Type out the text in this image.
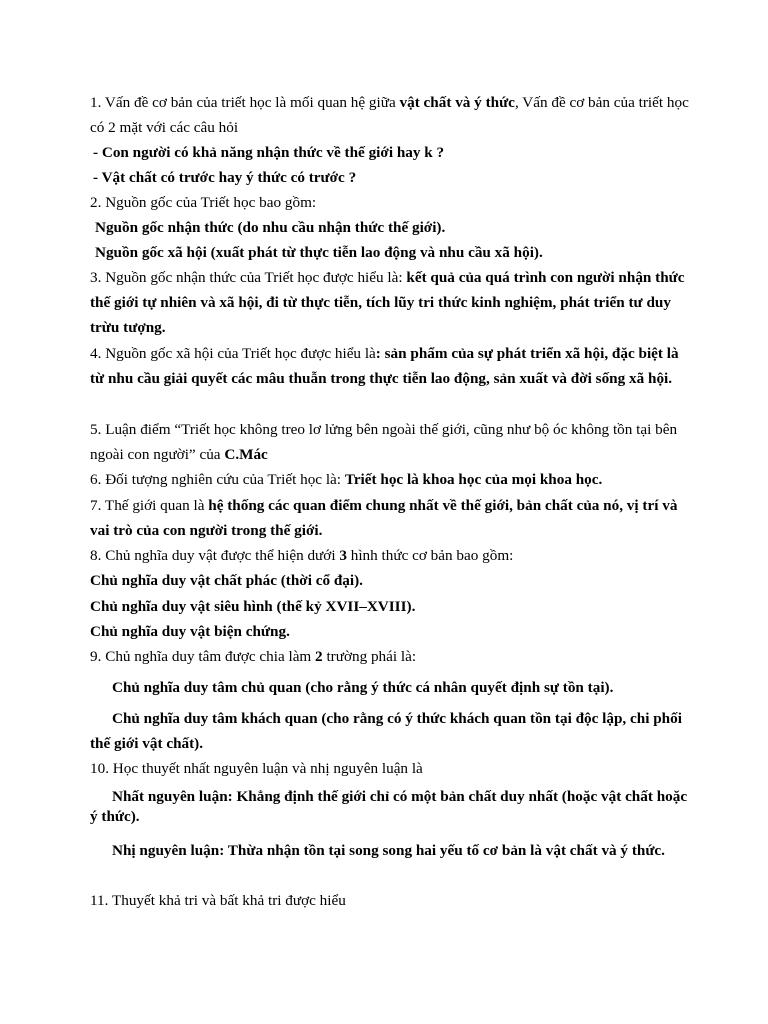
1. Vấn đề cơ bản của triết học là mối quan hệ giữa vật chất và ý thức, Vấn đề cơ bản của triết học có 2 mặt với các câu hỏi

- Con người có khả năng nhận thức về thế giới hay k ?

- Vật chất có trước hay ý thức có trước ?

2. Nguồn gốc của Triết học bao gồm:

Nguồn gốc nhận thức (do nhu cầu nhận thức thế giới).

Nguồn gốc xã hội (xuất phát từ thực tiễn lao động và nhu cầu xã hội).

3. Nguồn gốc nhận thức của Triết học được hiểu là: kết quả của quá trình con người nhận thức thế giới tự nhiên và xã hội, đi từ thực tiễn, tích lũy tri thức kinh nghiệm, phát triển tư duy trừu tượng.

4. Nguồn gốc xã hội của Triết học được hiểu là: sản phẩm của sự phát triển xã hội, đặc biệt là từ nhu cầu giải quyết các mâu thuẫn trong thực tiễn lao động, sản xuất và đời sống xã hội.

5. Luận điểm “Triết học không treo lơ lửng bên ngoài thế giới, cũng như bộ óc không tồn tại bên ngoài con người” của C.Mác

6. Đối tượng nghiên cứu của Triết học là: Triết học là khoa học của mọi khoa học.

7. Thế giới quan là hệ thống các quan điểm chung nhất về thế giới, bản chất của nó, vị trí và vai trò của con người trong thế giới.

8. Chủ nghĩa duy vật được thể hiện dưới 3 hình thức cơ bản bao gồm:

Chủ nghĩa duy vật chất phác (thời cổ đại).

Chủ nghĩa duy vật siêu hình (thế kỷ XVII–XVIII).

Chủ nghĩa duy vật biện chứng.

9. Chủ nghĩa duy tâm được chia làm 2 trường phái là:

Chủ nghĩa duy tâm chủ quan (cho rằng ý thức cá nhân quyết định sự tồn tại).

Chủ nghĩa duy tâm khách quan (cho rằng có ý thức khách quan tồn tại độc lập, chi phối thế giới vật chất).

10. Học thuyết nhất nguyên luận và nhị nguyên luận là

Nhất nguyên luận: Khẳng định thế giới chỉ có một bản chất duy nhất (hoặc vật chất hoặc ý thức).

Nhị nguyên luận: Thừa nhận tồn tại song song hai yếu tố cơ bản là vật chất và ý thức.

11. Thuyết khả tri và bất khả tri được hiểu
